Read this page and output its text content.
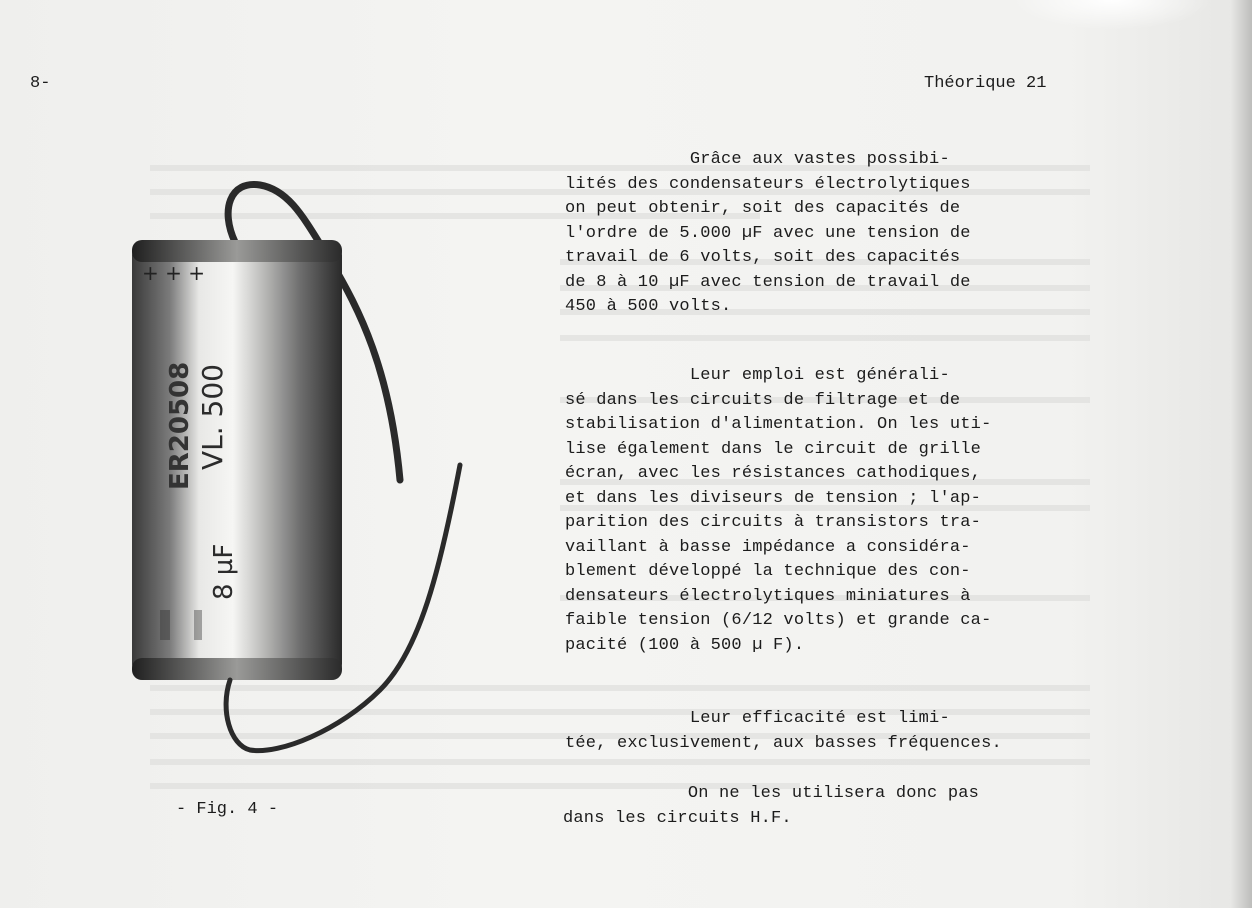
8-	Théorique 21
+ + +
ER20508 VL. 500
8 µF
- Fig. 4 -
Grâce aux vastes possibi-
lités des condensateurs électrolytiques
on peut obtenir, soit des capacités de
l'ordre de 5.000 µF avec une tension de
travail de 6 volts, soit des capacités
de 8 à 10 µF avec tension de travail de
450 à 500 volts.
Leur emploi est générali-
sé dans les circuits de filtrage et de
stabilisation d'alimentation. On les uti-
lise également dans le circuit de grille
écran, avec les résistances cathodiques,
et dans les diviseurs de tension ; l'ap-
parition des circuits à transistors tra-
vaillant à basse impédance a considéra-
blement développé la technique des con-
densateurs électrolytiques miniatures à
faible tension (6/12 volts) et grande ca-
pacité (100 à 500 µ F).
Leur efficacité est limi-
tée, exclusivement, aux basses fréquences.
On ne les utilisera donc pas
dans les circuits H.F.
